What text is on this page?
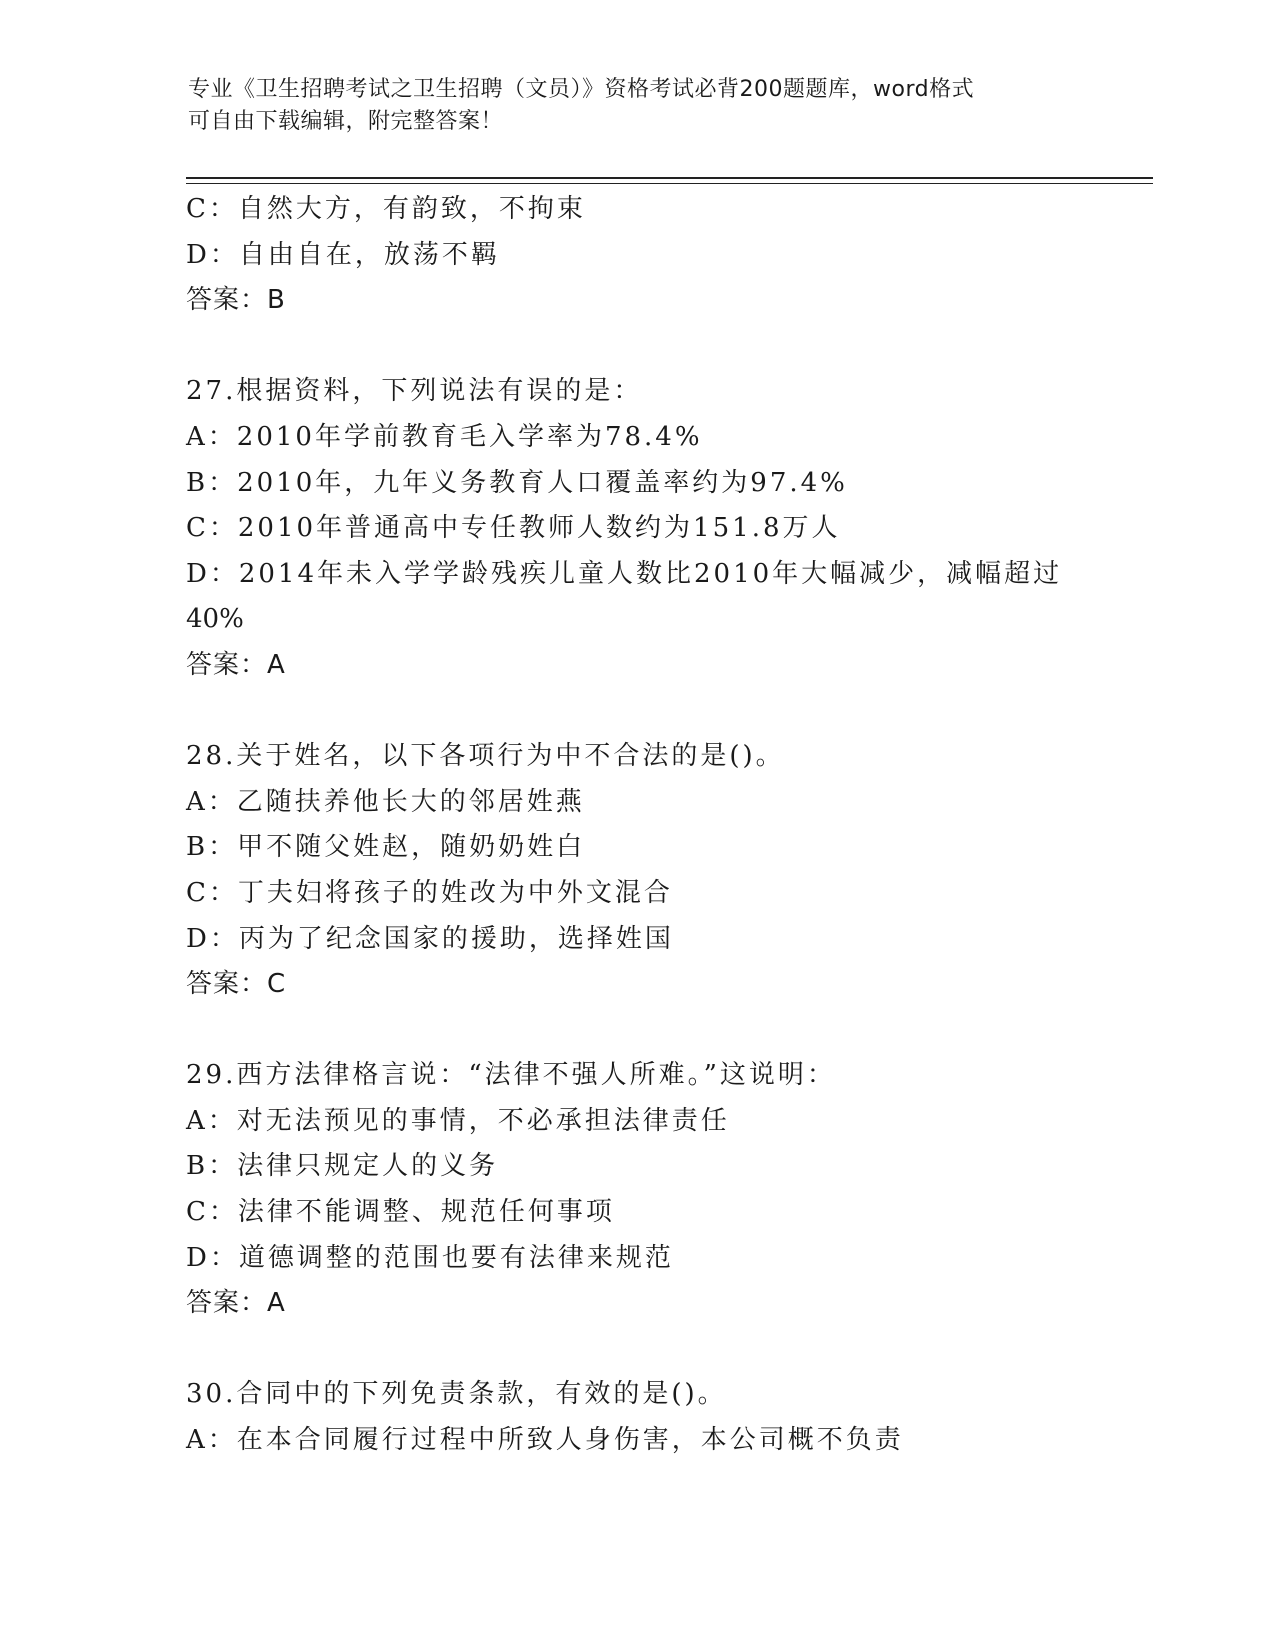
专业《卫生招聘考试之卫生招聘（文员）》资格考试必背200题题库，word格式
可自由下载编辑，附完整答案！
C：自然大方，有韵致，不拘束
D：自由自在，放荡不羁
答案：B
27.根据资料，下列说法有误的是：
A：2010年学前教育毛入学率为78.4%
B：2010年，九年义务教育人口覆盖率约为97.4%
C：2010年普通高中专任教师人数约为151.8万人
D：2014年未入学学龄残疾儿童人数比2010年大幅减少，减幅超过
40%
答案：A
28.关于姓名，以下各项行为中不合法的是()。
A：乙随扶养他长大的邻居姓燕
B：甲不随父姓赵，随奶奶姓白
C：丁夫妇将孩子的姓改为中外文混合
D：丙为了纪念国家的援助，选择姓国
答案：C
29.西方法律格言说：“法律不强人所难。”这说明：
A：对无法预见的事情，不必承担法律责任
B：法律只规定人的义务
C：法律不能调整、规范任何事项
D：道德调整的范围也要有法律来规范
答案：A
30.合同中的下列免责条款，有效的是()。
A：在本合同履行过程中所致人身伤害，本公司概不负责
